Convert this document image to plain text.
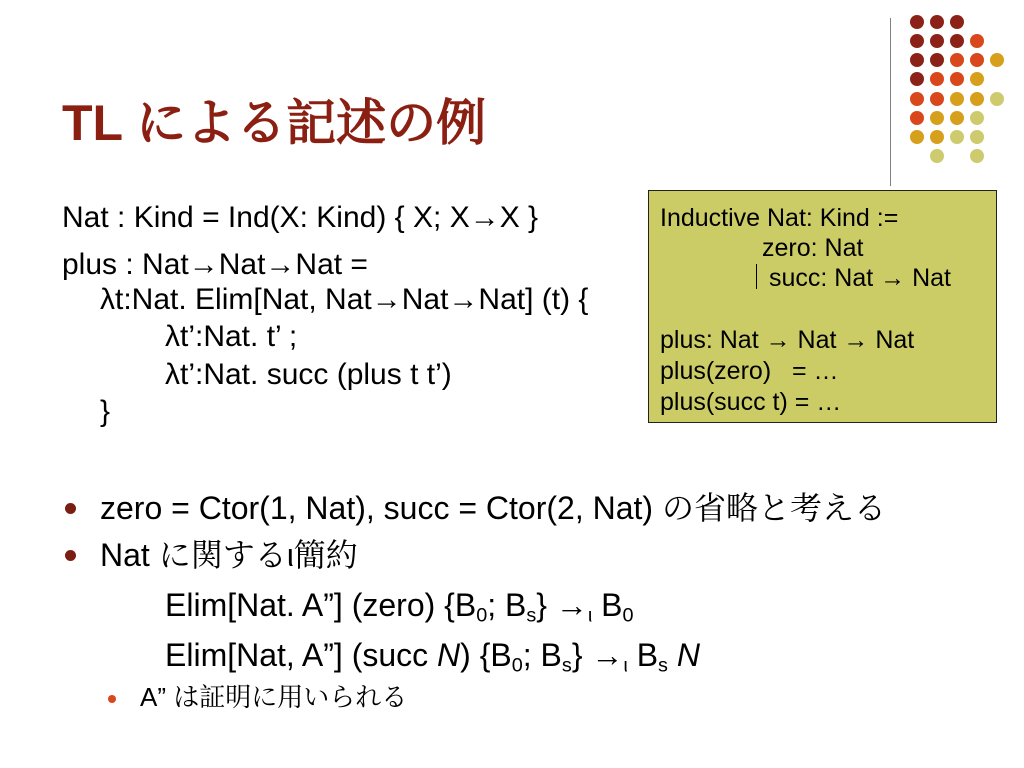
TL による記述の例
Nat : Kind = Ind(X: Kind) { X; X→X }
plus : Nat→Nat→Nat =
λt:Nat. Elim[Nat, Nat→Nat→Nat] (t) {
λt’:Nat. t’ ;
λt’:Nat. succ (plus t t’)
}
Inductive Nat: Kind :=
zero: Nat
｜succ: Nat → Nat
plus: Nat → Nat → Nat
plus(zero)   = …
plus(succ t) = …
zero = Ctor(1, Nat), succ = Ctor(2, Nat) の省略と考える
Nat に関するι簡約
Elim[Nat. A”] (zero) {$B_0$; $B_s\} \to_\iota$ $B_0$
Elim[Nat, A”] (succ N) {$B_0$; $B_s\} \to_\iota$ $B_s$ N
A” は証明に用いられる
